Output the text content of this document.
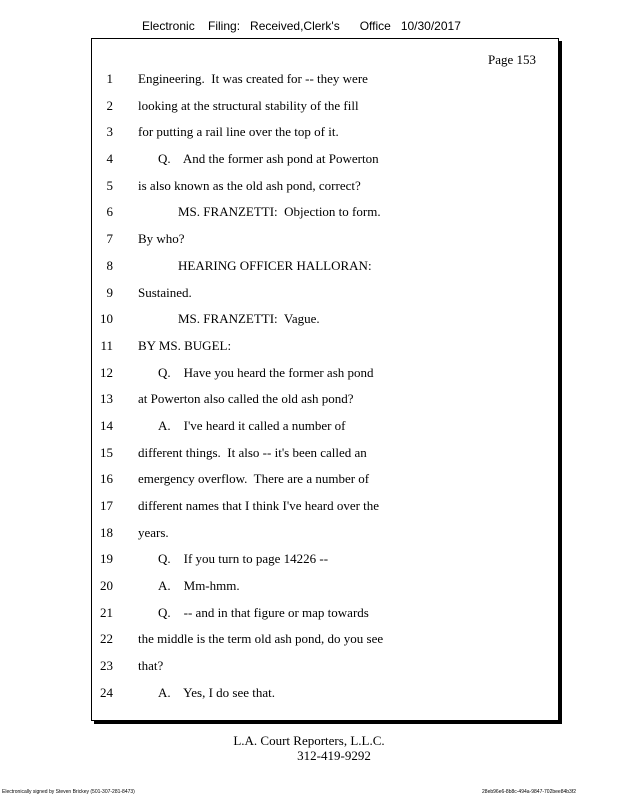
Electronic    Filing:   Received,Clerk's      Office   10/30/2017
Page 153
1 Engineering.  It was created for -- they were
2 looking at the structural stability of the fill
3 for putting a rail line over the top of it.
4	Q.    And the former ash pond at Powerton
5 is also known as the old ash pond, correct?
6	MS. FRANZETTI:  Objection to form.
7 By who?
8	HEARING OFFICER HALLORAN:
9 Sustained.
10	MS. FRANZETTI:  Vague.
11 BY MS. BUGEL:
12	Q.    Have you heard the former ash pond
13 at Powerton also called the old ash pond?
14	A.    I've heard it called a number of
15 different things.  It also -- it's been called an
16 emergency overflow.  There are a number of
17 different names that I think I've heard over the
18 years.
19	Q.    If you turn to page 14226 --
20	A.    Mm-hmm.
21	Q.    -- and in that figure or map towards
22 the middle is the term old ash pond, do you see
23 that?
24	A.    Yes, I do see that.
L.A. Court Reporters, L.L.C.
312-419-9292
Electronically signed by Steven Brickey (501-307-281-8473)	28eb96e6-8b8c-494a-9847-702bee84b3f2
